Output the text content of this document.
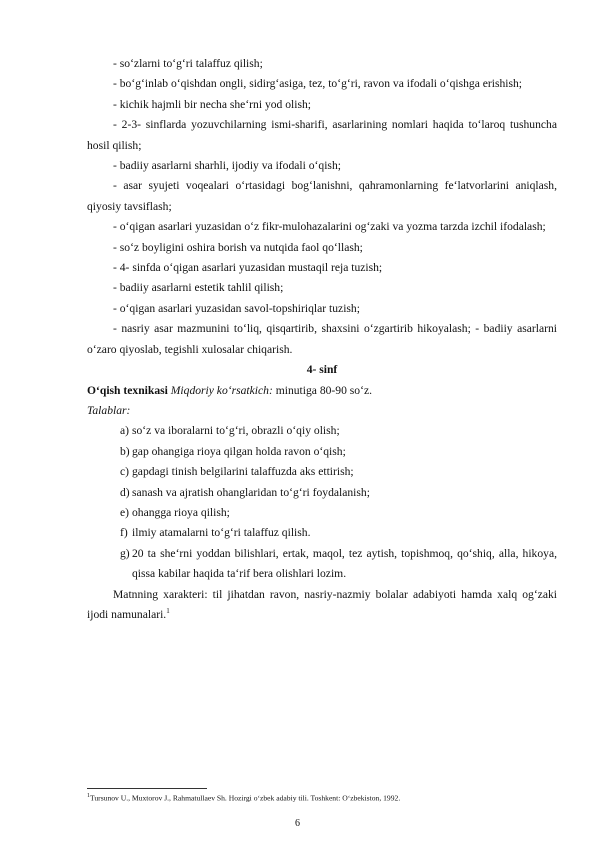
- so‘zlarni to‘g‘ri talaffuz qilish;

- bo‘g‘inlab o‘qishdan ongli, sidirg‘asiga, tez, to‘g‘ri, ravon va ifodali o‘qishga erishish;

- kichik hajmli bir necha she‘rni yod olish;

- 2-3- sinflarda yozuvchilarning ismi-sharifi, asarlarining nomlari haqida to‘laroq tushuncha hosil qilish;

- badiiy asarlarni sharhli, ijodiy va ifodali o‘qish;

- asar syujeti voqealari o‘rtasidagi bog‘lanishni, qahramonlarning fe‘latvorlarini aniqlash, qiyosiy tavsiflash;

- o‘qigan asarlari yuzasidan o‘z fikr-mulohazalarini og‘zaki va yozma tarzda izchil ifodalash;

- so‘z boyligini oshira borish va nutqida faol qo‘llash;

- 4- sinfda o‘qigan asarlari yuzasidan mustaqil reja tuzish;

- badiiy asarlarni estetik tahlil qilish;

- o‘qigan asarlari yuzasidan savol-topshiriqlar tuzish;

- nasriy asar mazmunini to‘liq, qisqartirib, shaxsini o‘zgartirib hikoyalash; - badiiy asarlarni o‘zaro qiyoslab, tegishli xulosalar chiqarish.

4- sinf

O‘qish texnikasi Miqdoriy ko‘rsatkich: minutiga 80-90 so‘z.

Talablar:

a) so‘z va iboralarni to‘g‘ri, obrazli o‘qiy olish;
b) gap ohangiga rioya qilgan holda ravon o‘qish;
c) gapdagi tinish belgilarini talaffuzda aks ettirish;
d) sanash va ajratish ohanglaridan to‘g‘ri foydalanish;
e) ohangga rioya qilish;
f) ilmiy atamalarni to‘g‘ri talaffuz qilish.
g) 20 ta she‘rni yoddan bilishlari, ertak, maqol, tez aytish, topishmoq, qo‘shiq, alla, hikoya, qissa kabilar haqida ta‘rif bera olishlari lozim.

Matnning xarakteri: til jihatdan ravon, nasriy-nazmiy bolalar adabiyoti hamda xalq og‘zaki ijodi namunalari.$^1$

$^1$Tursunov U., Muxtorov J., Rahmatullaev Sh. Hozirgi o‘zbek adabiy tili. Toshkent: O‘zbekiston, 1992.
6
